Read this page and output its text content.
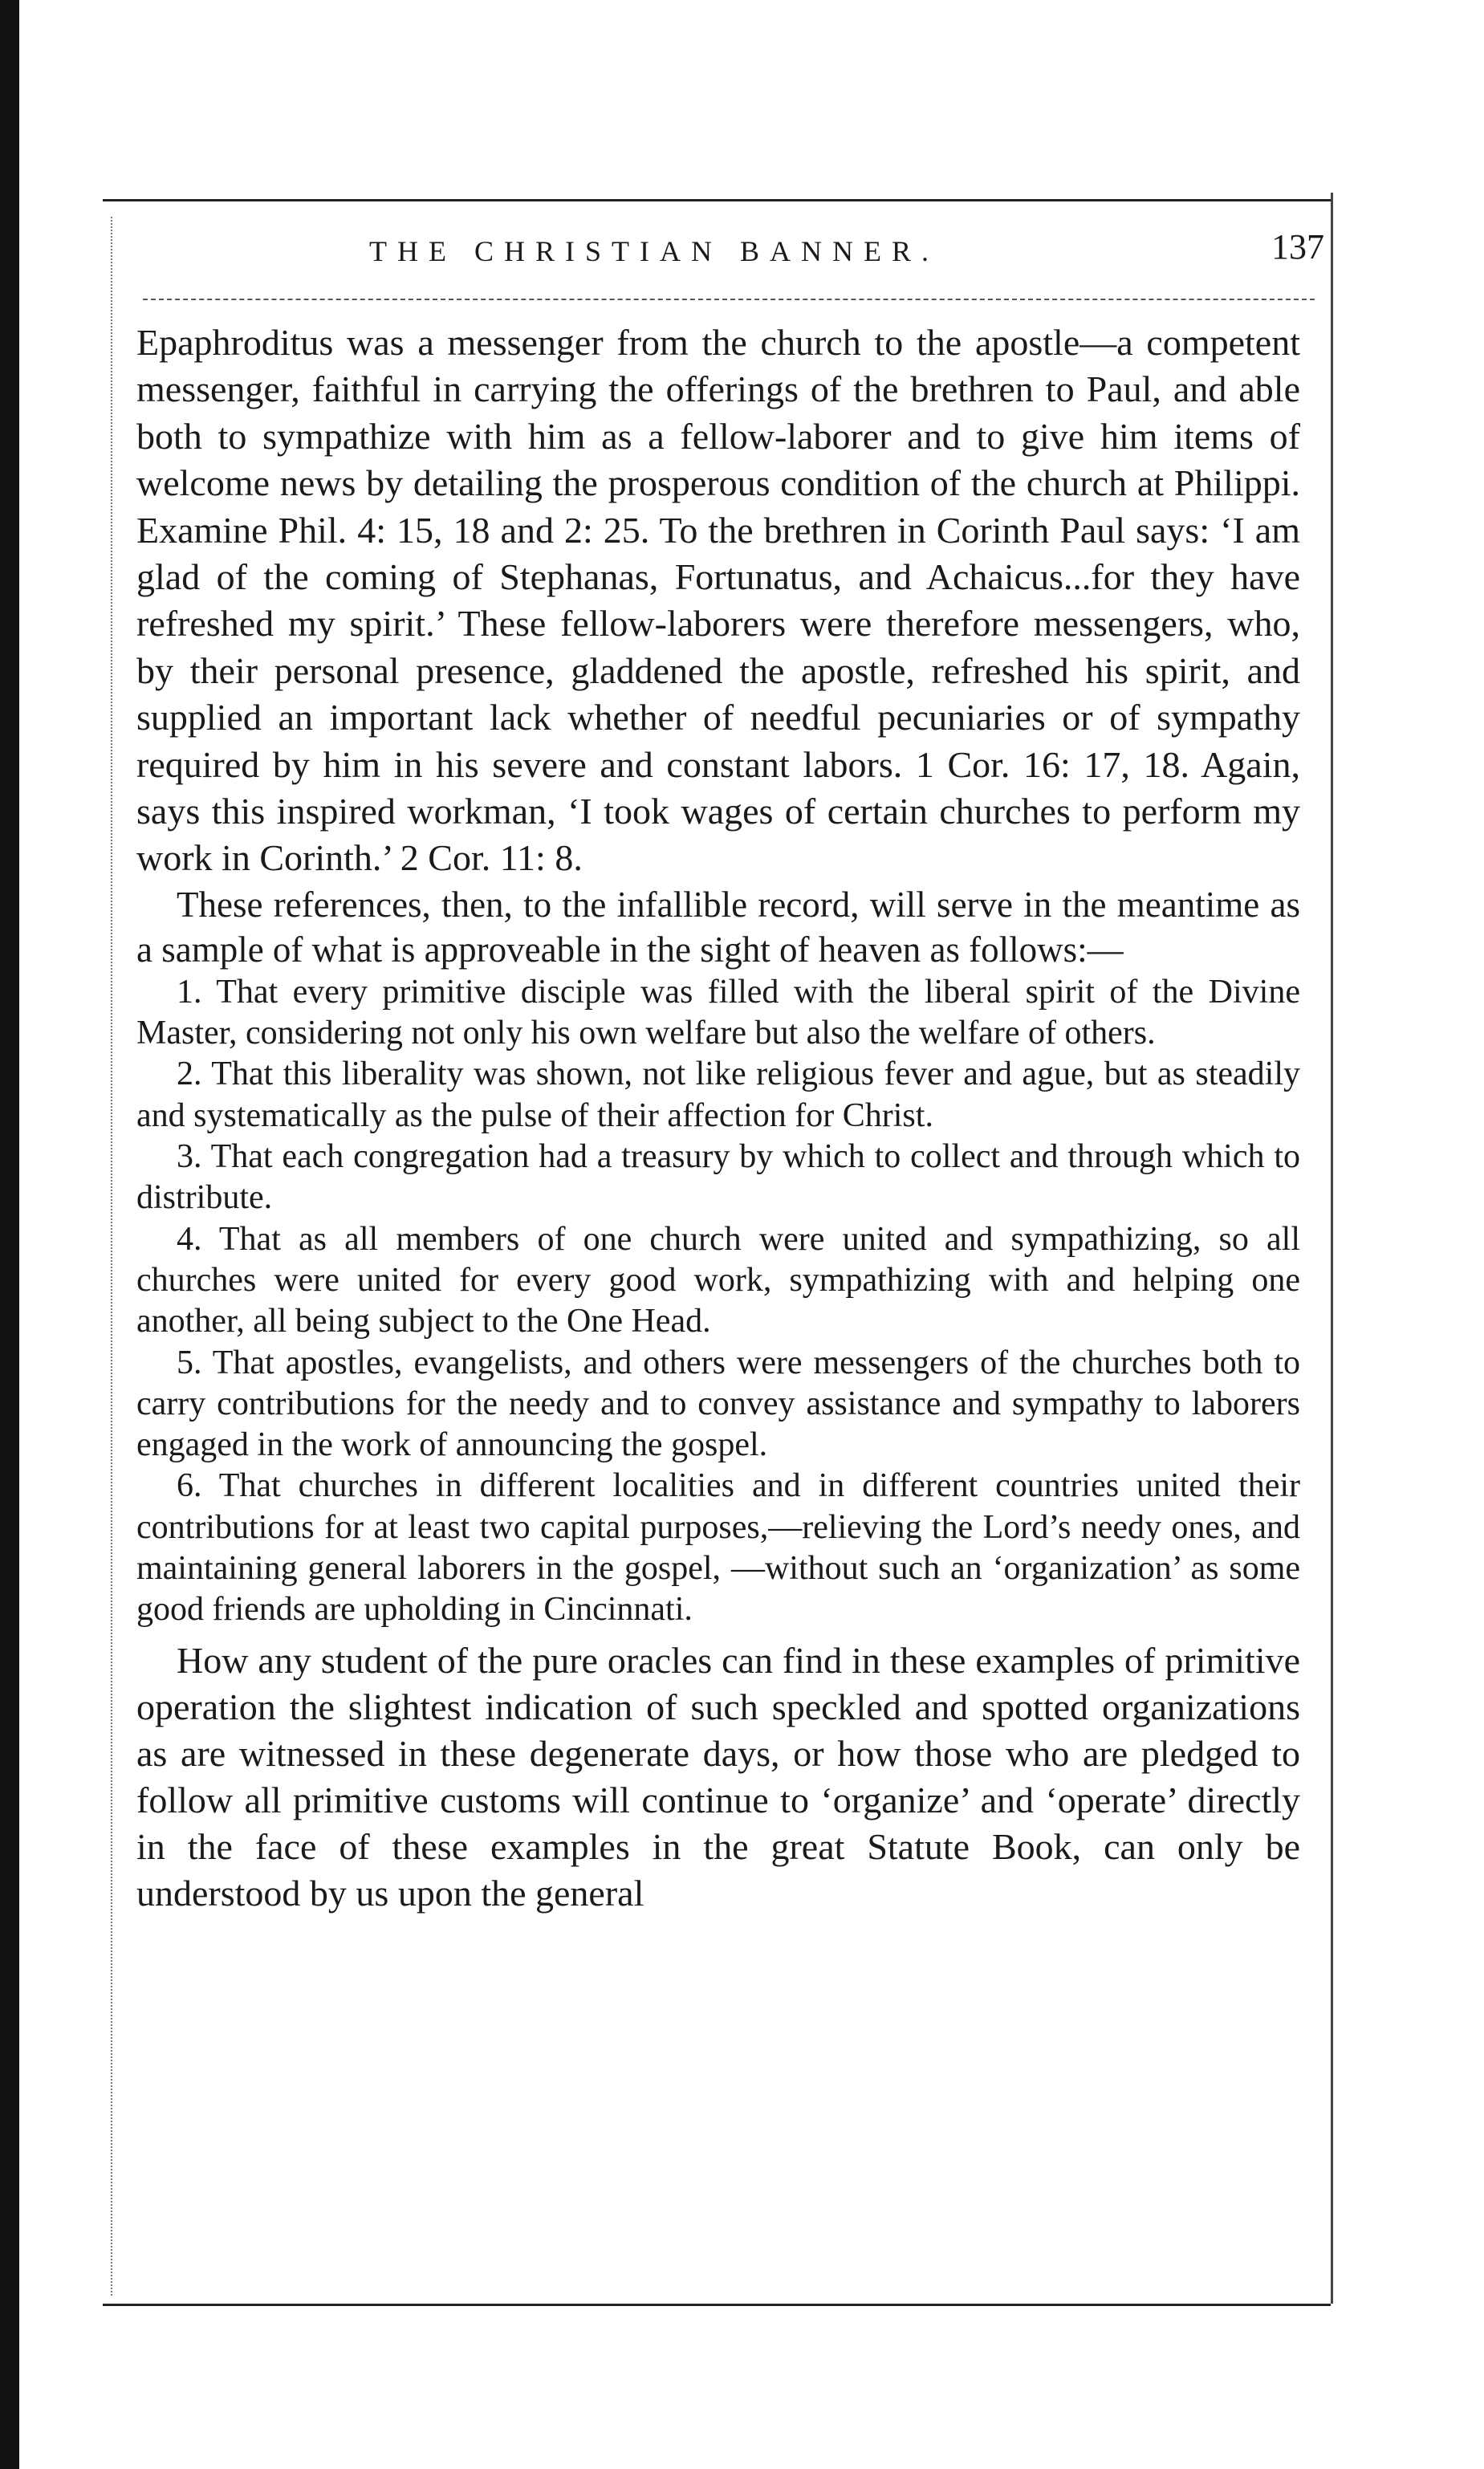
THE CHRISTIAN BANNER.	137

Epaphroditus was a messenger from the church to the apostle—a competent messenger, faithful in carrying the offerings of the brethren to Paul, and able both to sympathize with him as a fellow-laborer and to give him items of welcome news by detailing the prosperous condition of the church at Philippi. Examine Phil. 4: 15, 18 and 2: 25. To the brethren in Corinth Paul says: ‘I am glad of the coming of Stephanas, Fortunatus, and Achaicus...for they have refreshed my spirit.’ These fellow-laborers were therefore messengers, who, by their personal presence, gladdened the apostle, refreshed his spirit, and supplied an important lack whether of needful pecuniaries or of sympathy required by him in his severe and constant labors. 1 Cor. 16: 17, 18. Again, says this inspired workman, ‘I took wages of certain churches to perform my work in Corinth.’ 2 Cor. 11: 8.

These references, then, to the infallible record, will serve in the meantime as a sample of what is approveable in the sight of heaven as follows:—

1. That every primitive disciple was filled with the liberal spirit of the Divine Master, considering not only his own welfare but also the welfare of others.

2. That this liberality was shown, not like religious fever and ague, but as steadily and systematically as the pulse of their affection for Christ.

3. That each congregation had a treasury by which to collect and through which to distribute.

4. That as all members of one church were united and sympathizing, so all churches were united for every good work, sympathizing with and helping one another, all being subject to the One Head.

5. That apostles, evangelists, and others were messengers of the churches both to carry contributions for the needy and to convey assistance and sympathy to laborers engaged in the work of announcing the gospel.

6. That churches in different localities and in different countries united their contributions for at least two capital purposes,—relieving the Lord’s needy ones, and maintaining general laborers in the gospel, —without such an ‘organization’ as some good friends are upholding in Cincinnati.

How any student of the pure oracles can find in these examples of primitive operation the slightest indication of such speckled and spotted organizations as are witnessed in these degenerate days, or how those who are pledged to follow all primitive customs will continue to ‘organize’ and ‘operate’ directly in the face of these examples in the great Statute Book, can only be understood by us upon the general
